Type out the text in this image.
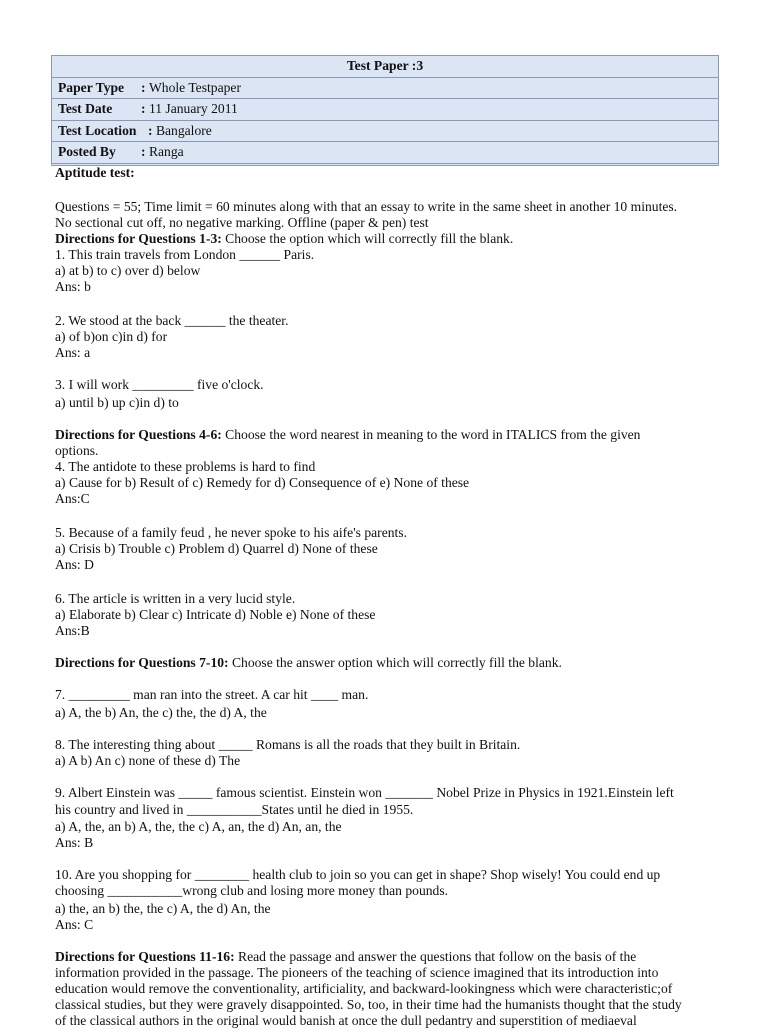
Test Paper :3
Paper Type : Whole Testpaper
Test Date : 11 January 2011
Test Location : Bangalore
Posted By : Ranga
Aptitude test:
Questions = 55; Time limit = 60 minutes along with that an essay to write in the same sheet in another 10 minutes.
No sectional cut off, no negative marking. Offline (paper & pen) test
Directions for Questions 1-3: Choose the option which will correctly fill the blank.
1. This train travels from London ______ Paris.
a) at b) to c) over d) below
Ans: b
2. We stood at the back ______ the theater.
a) of b)on c)in d) for
Ans: a
3. I will work _________ five o'clock.
a) until b) up c)in d) to
Directions for Questions 4-6: Choose the word nearest in meaning to the word in ITALICS from the given
options.
4. The antidote to these problems is hard to find
a) Cause for b) Result of c) Remedy for d) Consequence of e) None of these
Ans:C
5. Because of a family feud , he never spoke to his aife's parents.
a) Crisis b) Trouble c) Problem d) Quarrel d) None of these
Ans: D
6. The article is written in a very lucid style.
a) Elaborate b) Clear c) Intricate d) Noble e) None of these
Ans:B
Directions for Questions 7-10: Choose the answer option which will correctly fill the blank.
7. _________ man ran into the street. A car hit ____ man.
a) A, the b) An, the c) the, the d) A, the
8. The interesting thing about _____ Romans is all the roads that they built in Britain.
a) A b) An c) none of these d) The
9. Albert Einstein was _____ famous scientist. Einstein won _______ Nobel Prize in Physics in 1921.Einstein left
his country and lived in ___________States until he died in 1955.
a) A, the, an b) A, the, the c) A, an, the d) An, an, the
Ans: B
10. Are you shopping for ________ health club to join so you can get in shape? Shop wisely! You could end up
choosing ___________wrong club and losing more money than pounds.
a) the, an b) the, the c) A, the d) An, the
Ans: C
Directions for Questions 11-16: Read the passage and answer the questions that follow on the basis of the
information provided in the passage. The pioneers of the teaching of science imagined that its introduction into
education would remove the conventionality, artificiality, and backward-lookingness which were characteristic;of
classical studies, but they were gravely disappointed. So, too, in their time had the humanists thought that the study
of the classical authors in the original would banish at once the dull pedantry and superstition of mediaeval
